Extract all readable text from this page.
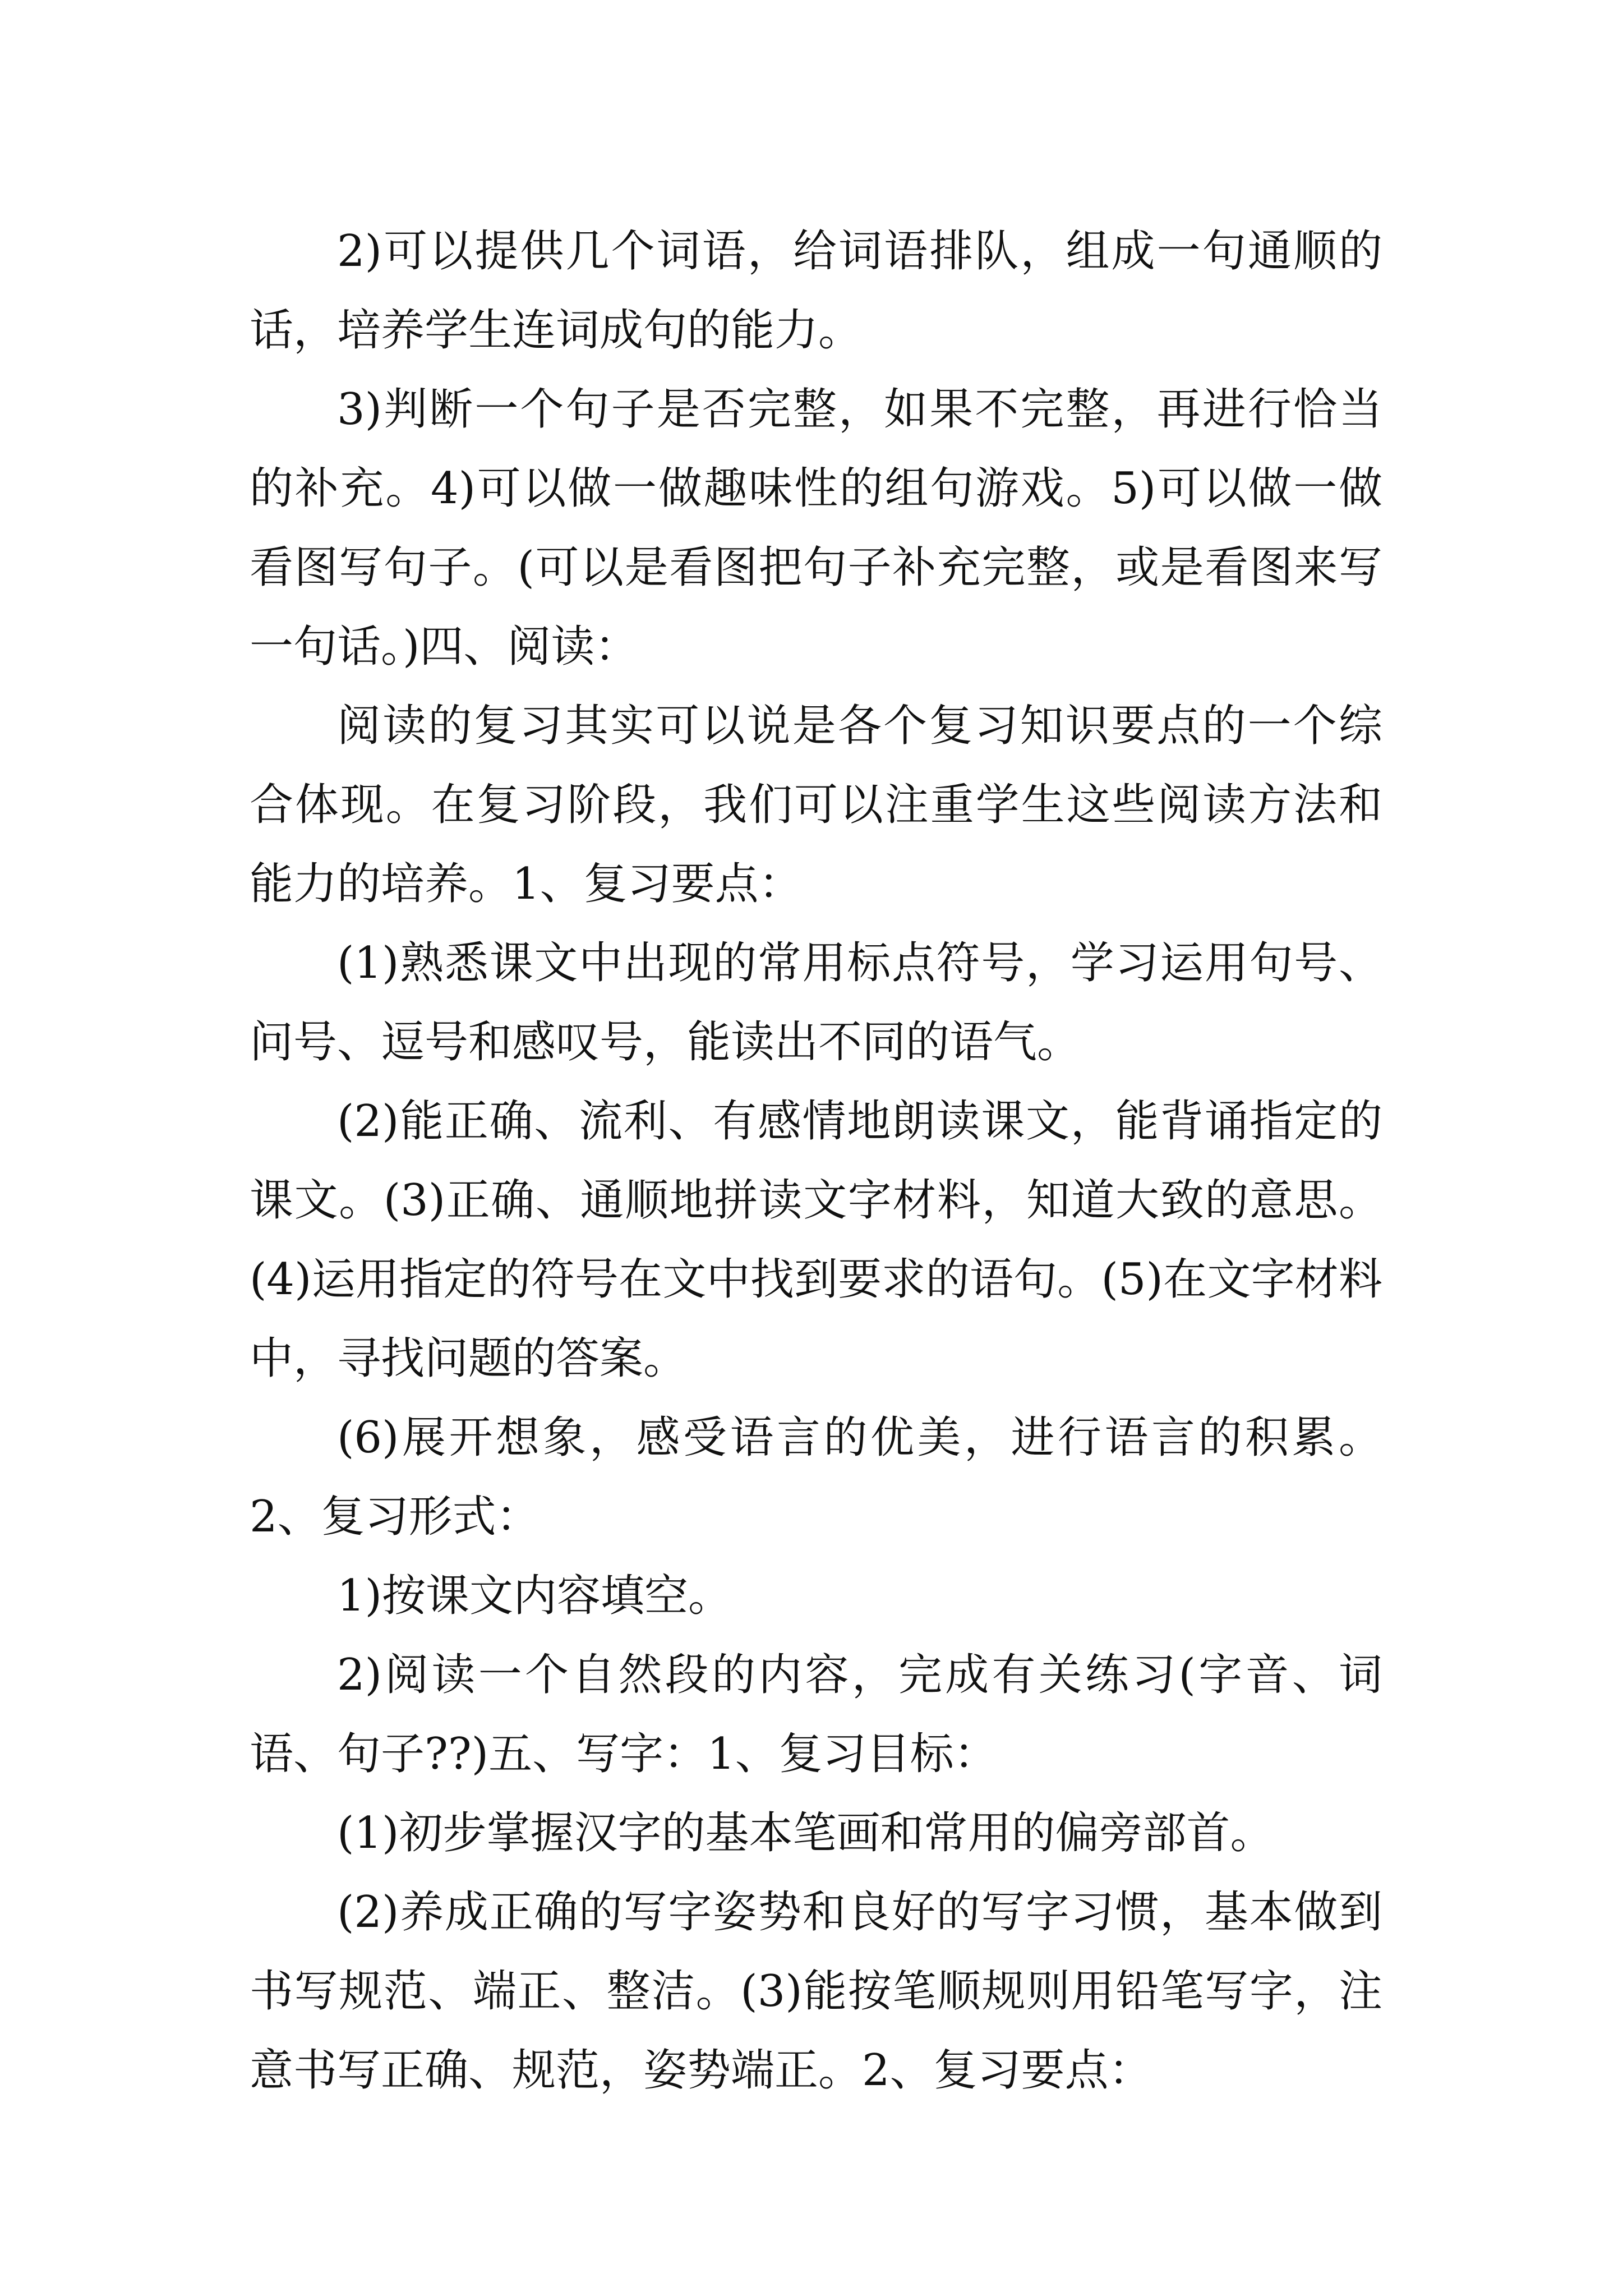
2)可以提供几个词语，给词语排队，组成一句通顺的话，培养学生连词成句的能力。

3)判断一个句子是否完整，如果不完整，再进行恰当的补充。4)可以做一做趣味性的组句游戏。5)可以做一做看图写句子。(可以是看图把句子补充完整，或是看图来写一句话。)四、阅读：

阅读的复习其实可以说是各个复习知识要点的一个综合体现。在复习阶段，我们可以注重学生这些阅读方法和能力的培养。1、复习要点：

(1)熟悉课文中出现的常用标点符号，学习运用句号、问号、逗号和感叹号，能读出不同的语气。

(2)能正确、流利、有感情地朗读课文，能背诵指定的课文。(3)正确、通顺地拼读文字材料，知道大致的意思。(4)运用指定的符号在文中找到要求的语句。(5)在文字材料中，寻找问题的答案。

(6)展开想象，感受语言的优美，进行语言的积累。2、复习形式：

1)按课文内容填空。

2)阅读一个自然段的内容，完成有关练习(字音、词语、句子??)五、写字：1、复习目标：

(1)初步掌握汉字的基本笔画和常用的偏旁部首。

(2)养成正确的写字姿势和良好的写字习惯，基本做到书写规范、端正、整洁。(3)能按笔顺规则用铅笔写字，注意书写正确、规范，姿势端正。2、复习要点：
